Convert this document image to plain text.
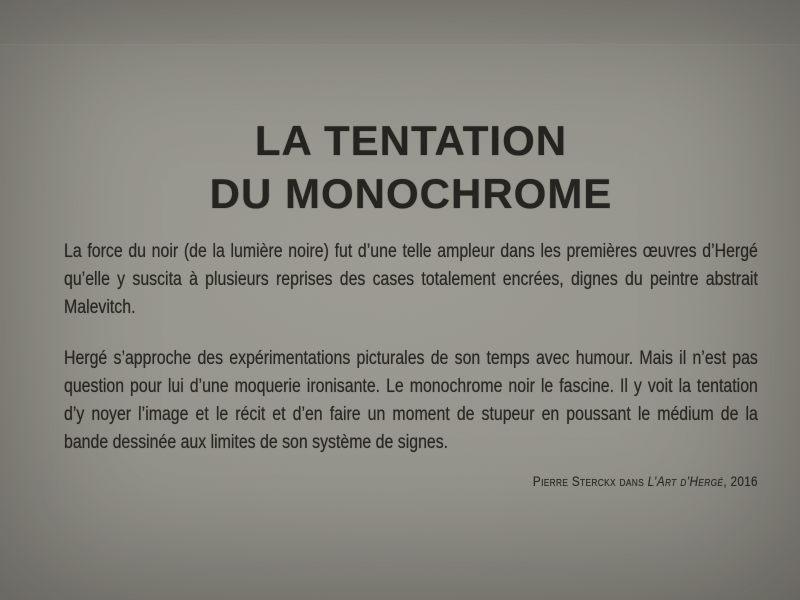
LA TENTATION
DU MONOCHROME

La force du noir (de la lumière noire) fut d’une telle ampleur dans les premières œuvres d’Hergé qu’elle y suscita à plusieurs reprises des cases totalement encrées, dignes du peintre abstrait Malevitch.

Hergé s’approche des expérimentations picturales de son temps avec humour. Mais il n’est pas question pour lui d’une moquerie ironisante. Le monochrome noir le fascine. Il y voit la tentation d’y noyer l’image et le récit et d’en faire un moment de stupeur en poussant le médium de la bande dessinée aux limites de son système de signes.

Pierre Sterckx dans L’Art d’Hergé, 2016
